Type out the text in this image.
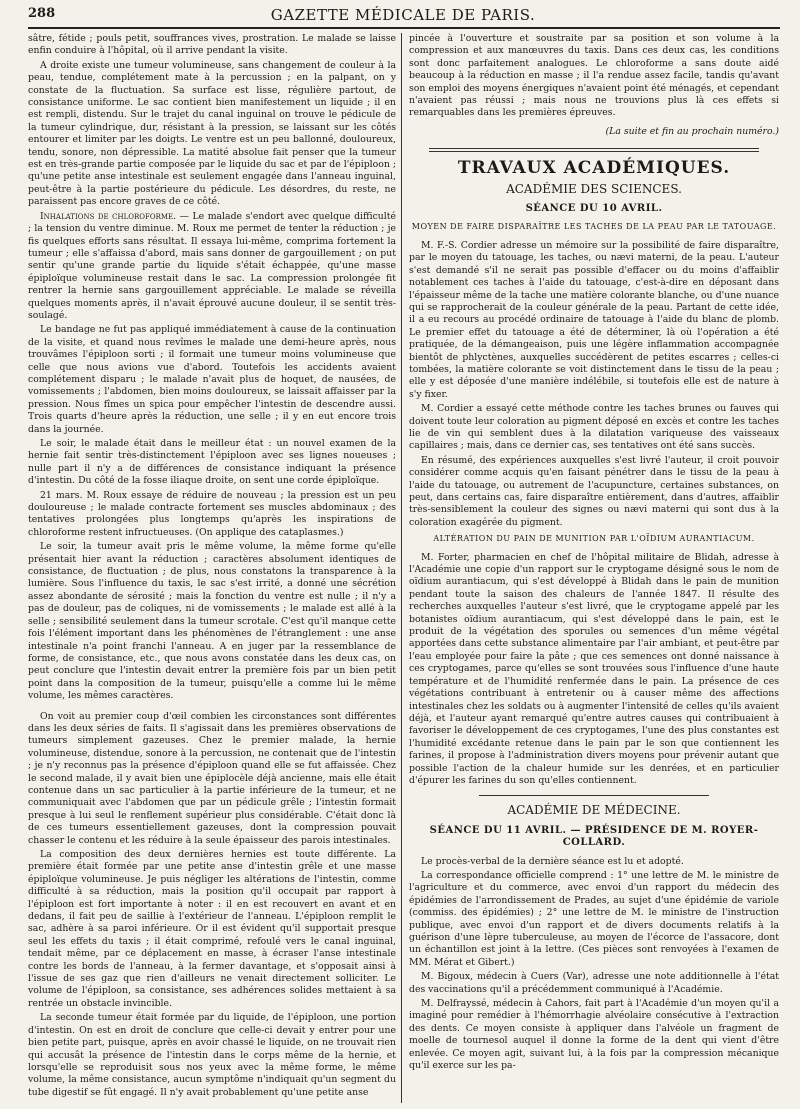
288	GAZETTE MÉDICALE DE PARIS.

sâtre, fétide ; pouls petit, souffrances vives, prostration. Le malade se laisse enfin conduire à l'hôpital, où il arrive pendant la visite.

A droite existe une tumeur volumineuse, sans changement de couleur à la peau, tendue, complétement mate à la percussion ; en la palpant, on y constate de la fluctuation. Sa surface est lisse, régulière partout, de consistance uniforme. Le sac contient bien manifestement un liquide ; il en est rempli, distendu. Sur le trajet du canal inguinal on trouve le pédicule de la tumeur cylindrique, dur, résistant à la pression, se laissant sur les côtés entourer et limiter par les doigts. Le ventre est un peu ballonné, douloureux, tendu, sonore, non dépressible. La matité absolue fait penser que la tumeur est en très-grande partie composée par le liquide du sac et par de l'épiploon ; qu'une petite anse intestinale est seulement engagée dans l'anneau inguinal, peut-être à la partie postérieure du pédicule. Les désordres, du reste, ne paraissent pas encore graves de ce côté.

Inhalations de chloroforme. — Le malade s'endort avec quelque difficulté ; la tension du ventre diminue. M. Roux me permet de tenter la réduction ; je fis quelques efforts sans résultat. Il essaya lui-même, comprima fortement la tumeur ; elle s'affaissa d'abord, mais sans donner de gargouillement ; on put sentir qu'une grande partie du liquide s'était échappée, qu'une masse épiploïque volumineuse restait dans le sac. La compression prolongée fit rentrer la hernie sans gargouillement appréciable. Le malade se réveilla quelques moments après, il n'avait éprouvé aucune douleur, il se sentit très-soulagé.

Le bandage ne fut pas appliqué immédiatement à cause de la continuation de la visite, et quand nous revîmes le malade une demi-heure après, nous trouvâmes l'épiploon sorti ; il formait une tumeur moins volumineuse que celle que nous avions vue d'abord. Toutefois les accidents avaient complétement disparu ; le malade n'avait plus de hoquet, de nausées, de vomissements ; l'abdomen, bien moins douloureux, se laissait affaisser par la pression. Nous fîmes un spica pour empêcher l'intestin de descendre aussi. Trois quarts d'heure après la réduction, une selle ; il y en eut encore trois dans la journée.

Le soir, le malade était dans le meilleur état : un nouvel examen de la hernie fait sentir très-distinctement l'épiploon avec ses lignes noueuses ; nulle part il n'y a de différences de consistance indiquant la présence d'intestin. Du côté de la fosse iliaque droite, on sent une corde épiploïque.

21 mars. M. Roux essaye de réduire de nouveau ; la pression est un peu douloureuse ; le malade contracte fortement ses muscles abdominaux ; des tentatives prolongées plus longtemps qu'après les inspirations de chloroforme restent infructueuses. (On applique des cataplasmes.)

Le soir, la tumeur avait pris le même volume, la même forme qu'elle présentait hier avant la réduction ; caractères absolument identiques de consistance, de fluctuation ; de plus, nous constatons la transparence à la lumière. Sous l'influence du taxis, le sac s'est irrité, a donné une sécrétion assez abondante de sérosité ; mais la fonction du ventre est nulle ; il n'y a pas de douleur, pas de coliques, ni de vomissements ; le malade est allé à la selle ; sensibilité seulement dans la tumeur scrotale. C'est qu'il manque cette fois l'élément important dans les phénomènes de l'étranglement : une anse intestinale n'a point franchi l'anneau. A en juger par la ressemblance de forme, de consistance, etc., que nous avons constatée dans les deux cas, on peut conclure que l'intestin devait entrer la première fois par un bien petit point dans la composition de la tumeur, puisqu'elle a comme lui le même volume, les mêmes caractères.

On voit au premier coup d'œil combien les circonstances sont différentes dans les deux séries de faits. Il s'agissait dans les premières observations de tumeurs simplement gazeuses. Chez le premier malade, la hernie volumineuse, distendue, sonore à la percussion, ne contenait que de l'intestin ; je n'y reconnus pas la présence d'épiploon quand elle se fut affaissée. Chez le second malade, il y avait bien une épiplocèle déjà ancienne, mais elle était contenue dans un sac particulier à la partie inférieure de la tumeur, et ne communiquait avec l'abdomen que par un pédicule grêle ; l'intestin formait presque à lui seul le renflement supérieur plus considérable. C'était donc là de ces tumeurs essentiellement gazeuses, dont la compression pouvait chasser le contenu et les réduire à la seule épaisseur des parois intestinales.

La composition des deux dernières hernies est toute différente. La première était formée par une petite anse d'intestin grêle et une masse épiploïque volumineuse. Je puis négliger les altérations de l'intestin, comme difficulté à sa réduction, mais la position qu'il occupait par rapport à l'épiploon est fort importante à noter : il en est recouvert en avant et en dedans, il fait peu de saillie à l'extérieur de l'anneau. L'épiploon remplit le sac, adhère à sa paroi inférieure. Or il est évident qu'il supportait presque seul les effets du taxis ; il était comprimé, refoulé vers le canal inguinal, tendait même, par ce déplacement en masse, à écraser l'anse intestinale contre les bords de l'anneau, à la fermer davantage, et s'opposait ainsi à l'issue de ses gaz que rien d'ailleurs ne venait directement solliciter. Le volume de l'épiploon, sa consistance, ses adhérences solides mettaient à sa rentrée un obstacle invincible.

La seconde tumeur était formée par du liquide, de l'épiploon, une portion d'intestin. On est en droit de conclure que celle-ci devait y entrer pour une bien petite part, puisque, après en avoir chassé le liquide, on ne trouvait rien qui accusât la présence de l'intestin dans le corps même de la hernie, et lorsqu'elle se reproduisit sous nos yeux avec la même forme, le même volume, la même consistance, aucun symptôme n'indiquait qu'un segment du tube digestif se fût engagé. Il n'y avait probablement qu'une petite anse

pincée à l'ouverture et soustraite par sa position et son volume à la compression et aux manœuvres du taxis. Dans ces deux cas, les conditions sont donc parfaitement analogues. Le chloroforme a sans doute aidé beaucoup à la réduction en masse ; il l'a rendue assez facile, tandis qu'avant son emploi des moyens énergiques n'avaient point été ménagés, et cependant n'avaient pas réussi ; mais nous ne trouvions plus là ces effets si remarquables dans les premières épreuves.

(La suite et fin au prochain numéro.)
TRAVAUX ACADÉMIQUES.
ACADÉMIE DES SCIENCES.
SÉANCE DU 10 AVRIL.
MOYEN DE FAIRE DISPARAÎTRE LES TACHES DE LA PEAU PAR LE TATOUAGE.

M. F.-S. Cordier adresse un mémoire sur la possibilité de faire disparaître, par le moyen du tatouage, les taches, ou nævi materni, de la peau. L'auteur s'est demandé s'il ne serait pas possible d'effacer ou du moins d'affaiblir notablement ces taches à l'aide du tatouage, c'est-à-dire en déposant dans l'épaisseur même de la tache une matière colorante blanche, ou d'une nuance qui se rapprocherait de la couleur générale de la peau. Partant de cette idée, il a eu recours au procédé ordinaire de tatouage à l'aide du blanc de plomb. Le premier effet du tatouage a été de déterminer, là où l'opération a été pratiquée, de la démangeaison, puis une légère inflammation accompagnée bientôt de phlyctènes, auxquelles succédèrent de petites escarres ; celles-ci tombées, la matière colorante se voit distinctement dans le tissu de la peau ; elle y est déposée d'une manière indélébile, si toutefois elle est de nature à s'y fixer.

M. Cordier a essayé cette méthode contre les taches brunes ou fauves qui doivent toute leur coloration au pigment déposé en excès et contre les taches lie de vin qui semblent dues à la dilatation variqueuse des vaisseaux capillaires ; mais, dans ce dernier cas, ses tentatives ont été sans succès.

En résumé, des expériences auxquelles s'est livré l'auteur, il croit pouvoir considérer comme acquis qu'en faisant pénétrer dans le tissu de la peau à l'aide du tatouage, ou autrement de l'acupuncture, certaines substances, on peut, dans certains cas, faire disparaître entièrement, dans d'autres, affaiblir très-sensiblement la couleur des signes ou nævi materni qui sont dus à la coloration exagérée du pigment.

ALTÉRATION DU PAIN DE MUNITION PAR L'OÏDIUM AURANTIACUM.

M. Forter, pharmacien en chef de l'hôpital militaire de Blidah, adresse à l'Académie une copie d'un rapport sur le cryptogame désigné sous le nom de oïdium aurantiacum, qui s'est développé à Blidah dans le pain de munition pendant toute la saison des chaleurs de l'année 1847. Il résulte des recherches auxquelles l'auteur s'est livré, que le cryptogame appelé par les botanistes oïdium aurantiacum, qui s'est développé dans le pain, est le produit de la végétation des sporules ou semences d'un même végétal apportées dans cette substance alimentaire par l'air ambiant, et peut-être par l'eau employée pour faire la pâte ; que ces semences ont donné naissance à ces cryptogames, parce qu'elles se sont trouvées sous l'influence d'une haute température et de l'humidité renfermée dans le pain. La présence de ces végétations contribuant à entretenir ou à causer même des affections intestinales chez les soldats ou à augmenter l'intensité de celles qu'ils avaient déjà, et l'auteur ayant remarqué qu'entre autres causes qui contribuaient à favoriser le développement de ces cryptogames, l'une des plus constantes est l'humidité excédante retenue dans le pain par le son que contiennent les farines, il propose à l'administration divers moyens pour prévenir autant que possible l'action de la chaleur humide sur les denrées, et en particulier d'épurer les farines du son qu'elles contiennent.

ACADÉMIE DE MÉDECINE.
SÉANCE DU 11 AVRIL. — PRÉSIDENCE DE M. ROYER-COLLARD.

Le procès-verbal de la dernière séance est lu et adopté.

La correspondance officielle comprend : 1° une lettre de M. le ministre de l'agriculture et du commerce, avec envoi d'un rapport du médecin des épidémies de l'arrondissement de Prades, au sujet d'une épidémie de variole (commiss. des épidémies) ; 2° une lettre de M. le ministre de l'instruction publique, avec envoi d'un rapport et de divers documents relatifs à la guérison d'une lèpre tuberculeuse, au moyen de l'écorce de l'assacore, dont un échantillon est joint à la lettre. (Ces pièces sont renvoyées à l'examen de MM. Mérat et Gibert.)

M. Bigoux, médecin à Cuers (Var), adresse une note additionnelle à l'état des vaccinations qu'il a précédemment communiqué à l'Académie.

M. Delfrayssé, médecin à Cahors, fait part à l'Académie d'un moyen qu'il a imaginé pour remédier à l'hémorrhagie alvéolaire consécutive à l'extraction des dents. Ce moyen consiste à appliquer dans l'alvéole un fragment de moelle de tournesol auquel il donne la forme de la dent qui vient d'être enlevée. Ce moyen agit, suivant lui, à la fois par la compression mécanique qu'il exerce sur les pa-
